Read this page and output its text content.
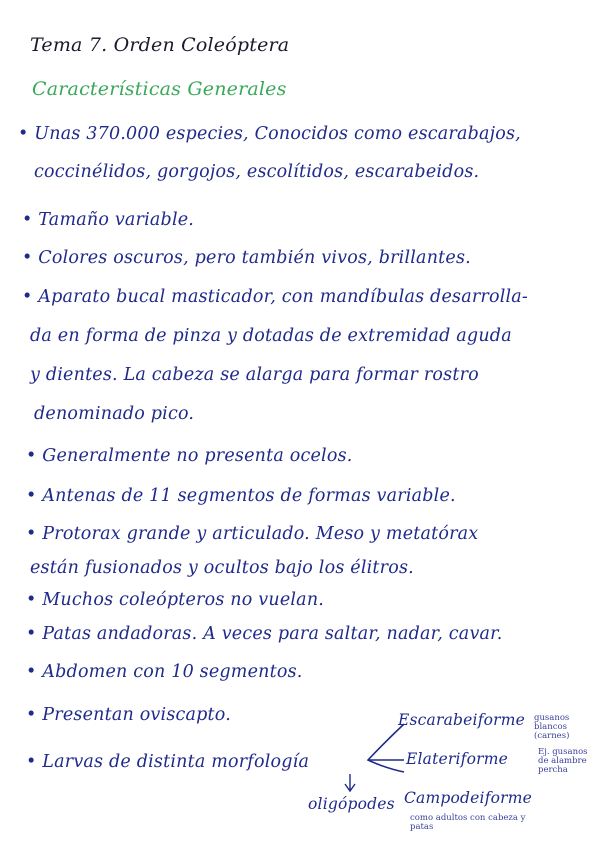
Tema 7. Orden Coleóptera
Características Generales
• Unas 370.000 especies, Conocidos como escarabajos,
coccinélidos, gorgojos, escolítidos, escarabeidos.
• Tamaño variable.
• Colores oscuros, pero también vivos, brillantes.
• Aparato bucal masticador, con mandíbulas desarrolla-
da en forma de pinza y dotadas de extremidad aguda
y dientes. La cabeza se alarga para formar rostro
denominado pico.
• Generalmente no presenta ocelos.
• Antenas de 11 segmentos de formas variable.
• Protorax grande y articulado. Meso y metatórax
están fusionados y ocultos bajo los élitros.
• Muchos coleópteros no vuelan.
• Patas andadoras. A veces para saltar, nadar, cavar.
• Abdomen con 10 segmentos.
• Presentan oviscapto.
• Larvas de distinta morfología
oligópodes
Escarabeiforme gusanos
blancos
(carnes)
Elateriforme	Ej. gusanos
de alambre
percha
Campodeiforme
como adultos con cabeza y
patas
